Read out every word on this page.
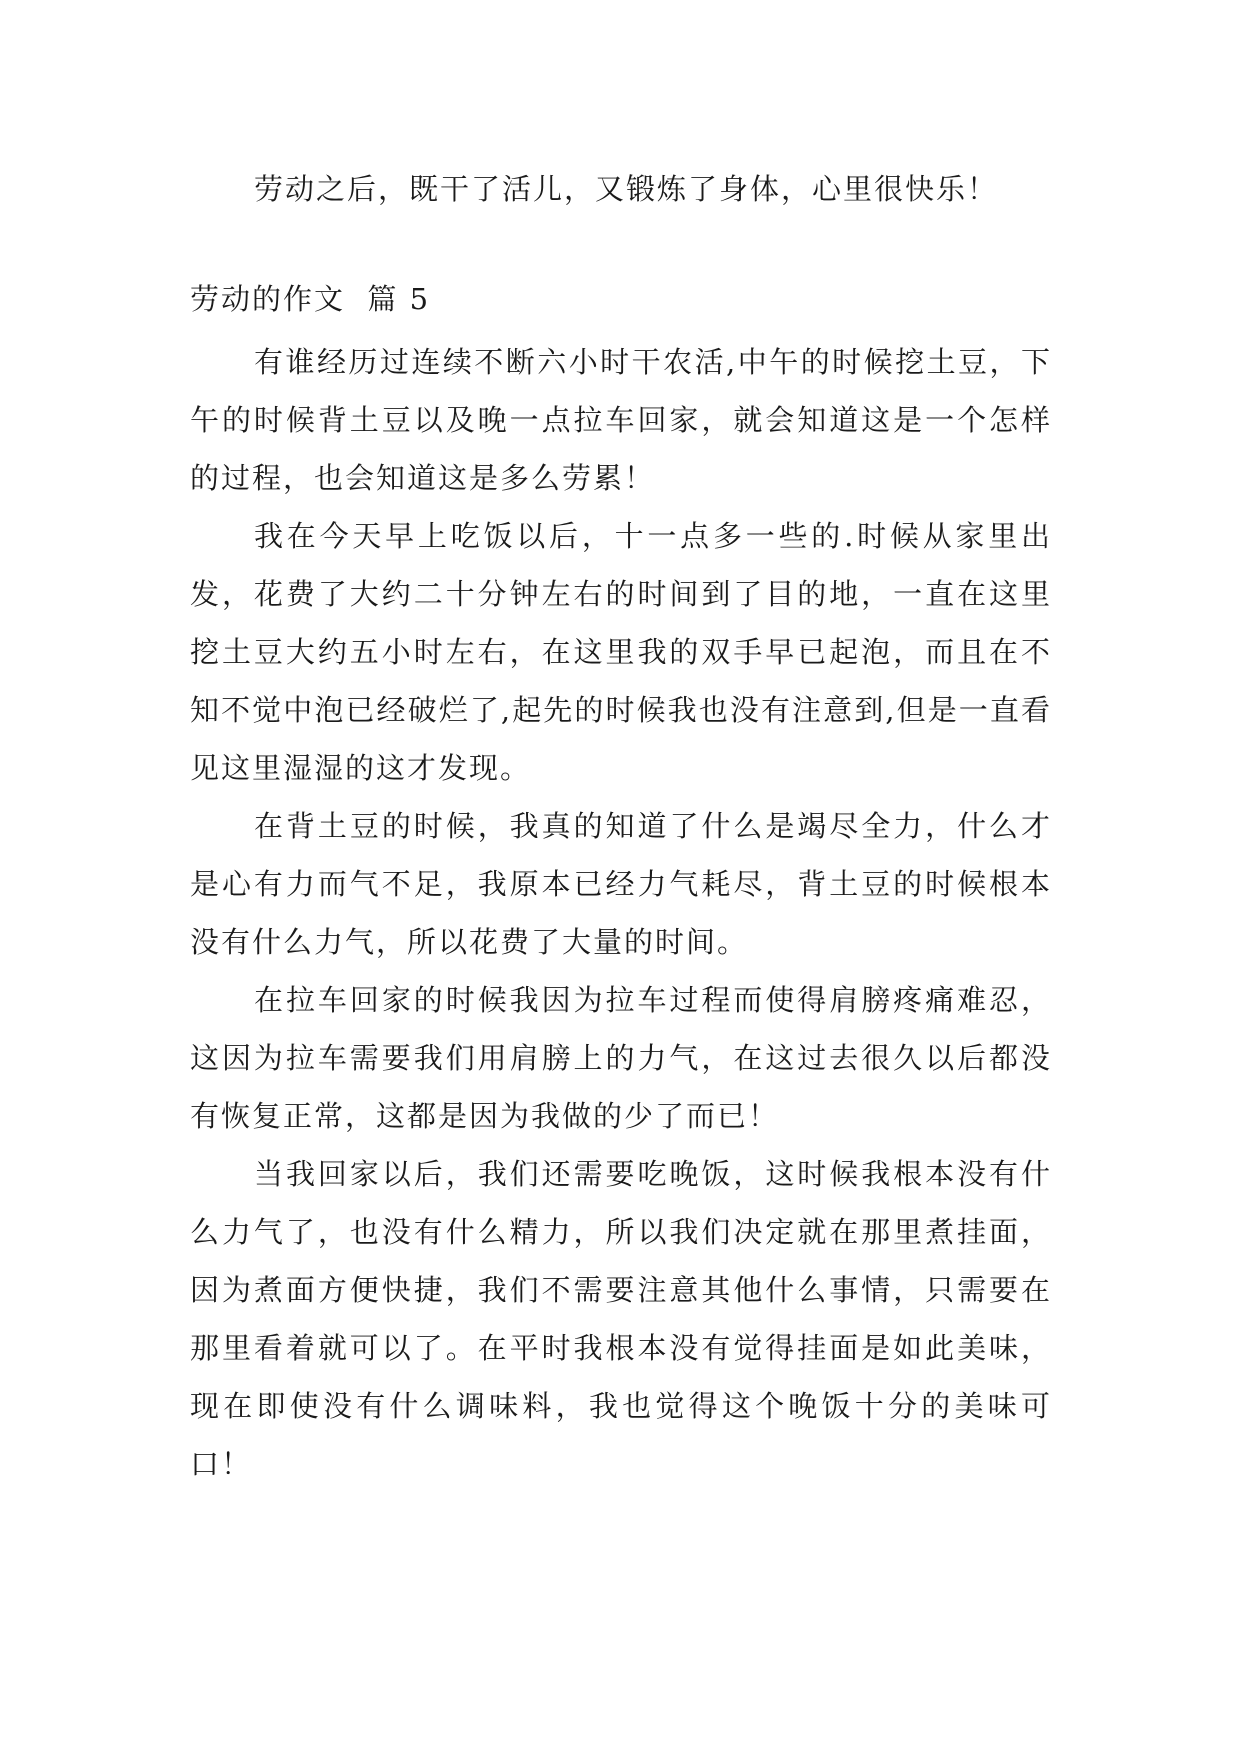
劳动之后，既干了活儿，又锻炼了身体，心里很快乐！

劳动的作文  篇 5

有谁经历过连续不断六小时干农活,中午的时候挖土豆，下午的时候背土豆以及晚一点拉车回家，就会知道这是一个怎样的过程，也会知道这是多么劳累！

我在今天早上吃饭以后，十一点多一些的.时候从家里出发，花费了大约二十分钟左右的时间到了目的地，一直在这里挖土豆大约五小时左右，在这里我的双手早已起泡，而且在不知不觉中泡已经破烂了,起先的时候我也没有注意到,但是一直看见这里湿湿的这才发现。

在背土豆的时候，我真的知道了什么是竭尽全力，什么才是心有力而气不足，我原本已经力气耗尽，背土豆的时候根本没有什么力气，所以花费了大量的时间。

在拉车回家的时候我因为拉车过程而使得肩膀疼痛难忍，这因为拉车需要我们用肩膀上的力气，在这过去很久以后都没有恢复正常，这都是因为我做的少了而已！

当我回家以后，我们还需要吃晚饭，这时候我根本没有什么力气了，也没有什么精力，所以我们决定就在那里煮挂面，因为煮面方便快捷，我们不需要注意其他什么事情，只需要在那里看着就可以了。在平时我根本没有觉得挂面是如此美味，现在即使没有什么调味料，我也觉得这个晚饭十分的美味可口！
